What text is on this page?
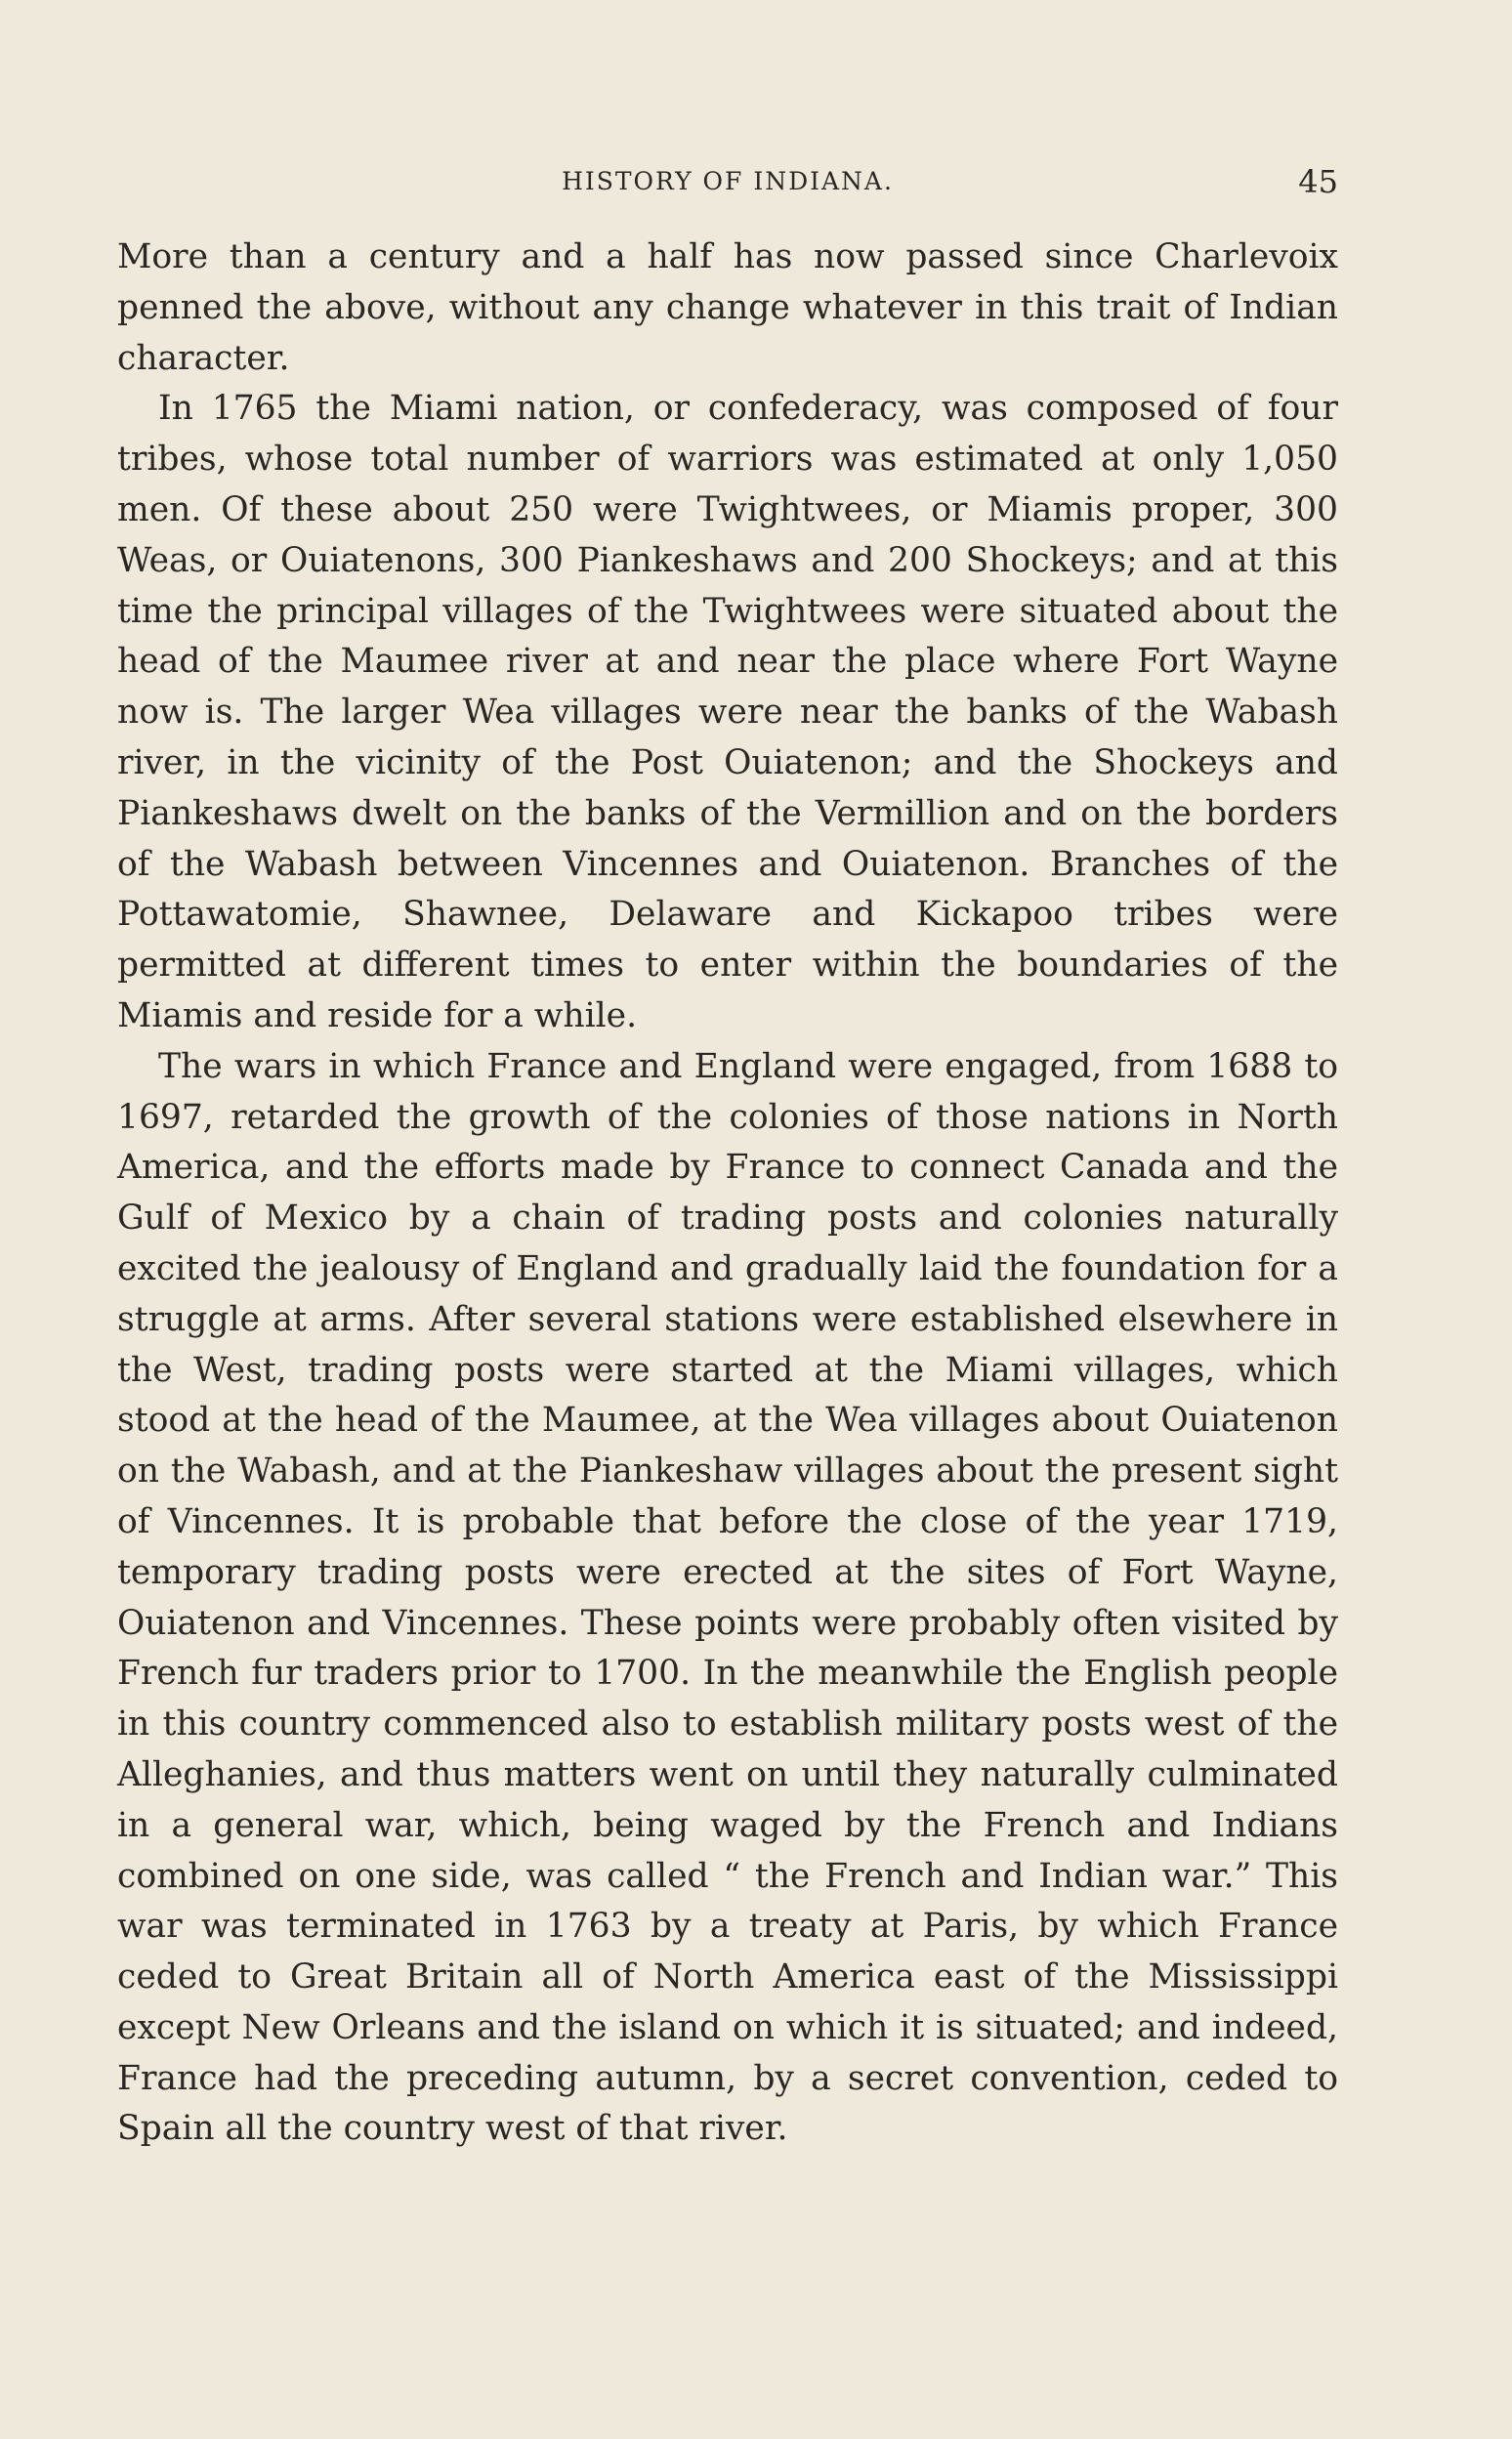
HISTORY OF INDIANA.	45

More than a century and a half has now passed since Charlevoix penned the above, without any change whatever in this trait of Indian character.

In 1765 the Miami nation, or confederacy, was composed of four tribes, whose total number of warriors was estimated at only 1,050 men. Of these about 250 were Twightwees, or Miamis proper, 300 Weas, or Ouiatenons, 300 Piankeshaws and 200 Shockeys; and at this time the principal villages of the Twightwees were situated about the head of the Maumee river at and near the place where Fort Wayne now is. The larger Wea villages were near the banks of the Wabash river, in the vicinity of the Post Ouiatenon; and the Shockeys and Piankeshaws dwelt on the banks of the Vermillion and on the borders of the Wabash between Vincennes and Ouiatenon. Branches of the Pottawatomie, Shawnee, Delaware and Kickapoo tribes were permitted at different times to enter within the boundaries of the Miamis and reside for a while.

The wars in which France and England were engaged, from 1688 to 1697, retarded the growth of the colonies of those nations in North America, and the efforts made by France to connect Canada and the Gulf of Mexico by a chain of trading posts and colonies naturally excited the jealousy of England and gradually laid the foundation for a struggle at arms. After several stations were established elsewhere in the West, trading posts were started at the Miami villages, which stood at the head of the Maumee, at the Wea villages about Ouiatenon on the Wabash, and at the Piankeshaw villages about the present sight of Vincennes. It is probable that before the close of the year 1719, temporary trading posts were erected at the sites of Fort Wayne, Ouiatenon and Vincennes. These points were probably often visited by French fur traders prior to 1700. In the meanwhile the English people in this country commenced also to establish military posts west of the Alleghanies, and thus matters went on until they naturally culminated in a general war, which, being waged by the French and Indians combined on one side, was called “ the French and Indian war.” This war was terminated in 1763 by a treaty at Paris, by which France ceded to Great Britain all of North America east of the Mississippi except New Orleans and the island on which it is situated; and indeed, France had the preceding autumn, by a secret convention, ceded to Spain all the country west of that river.
